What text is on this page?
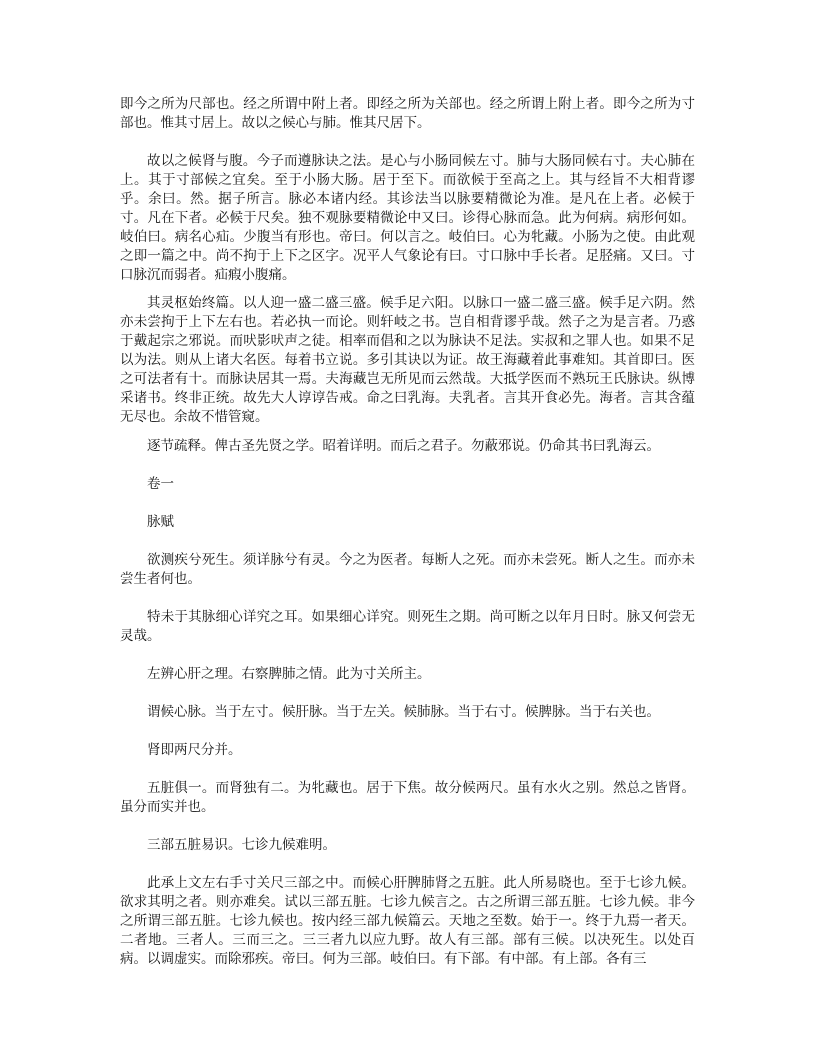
即今之所为尺部也。经之所谓中附上者。即经之所为关部也。经之所谓上附上者。即今之所为寸部也。惟其寸居上。故以之候心与肺。惟其尺居下。

故以之候肾与腹。今子而遵脉诀之法。是心与小肠同候左寸。肺与大肠同候右寸。夫心肺在上。其于寸部候之宜矣。至于小肠大肠。居于至下。而欲候于至高之上。其与经旨不大相背谬乎。余曰。然。据子所言。脉必本诸内经。其诊法当以脉要精微论为准。是凡在上者。必候于寸。凡在下者。必候于尺矣。独不观脉要精微论中又曰。诊得心脉而急。此为何病。病形何如。岐伯曰。病名心疝。少腹当有形也。帝曰。何以言之。岐伯曰。心为牝藏。小肠为之使。由此观之即一篇之中。尚不拘于上下之区字。况平人气象论有曰。寸口脉中手长者。足胫痛。又曰。寸口脉沉而弱者。疝瘕小腹痛。

其灵枢始终篇。以人迎一盛二盛三盛。候手足六阳。以脉口一盛二盛三盛。候手足六阴。然亦未尝拘于上下左右也。若必执一而论。则轩岐之书。岂自相背谬乎哉。然子之为是言者。乃惑于戴起宗之邪说。而吠影吠声之徒。相率而倡和之以为脉诀不足法。实叔和之罪人也。如果不足以为法。则从上诸大名医。每着书立说。多引其诀以为证。故王海藏着此事难知。其首即曰。医之可法者有十。而脉诀居其一焉。夫海藏岂无所见而云然哉。大抵学医而不熟玩王氏脉诀。纵博采诸书。终非正统。故先大人谆谆告戒。命之曰乳海。夫乳者。言其开食必先。海者。言其含蕴无尽也。余故不惜管窥。

逐节疏释。俾古圣先贤之学。昭着详明。而后之君子。勿蔽邪说。仍命其书曰乳海云。

卷一

脉赋

欲测疾兮死生。须详脉兮有灵。今之为医者。每断人之死。而亦未尝死。断人之生。而亦未尝生者何也。

特未于其脉细心详究之耳。如果细心详究。则死生之期。尚可断之以年月日时。脉又何尝无灵哉。

左辨心肝之理。右察脾肺之情。此为寸关所主。

谓候心脉。当于左寸。候肝脉。当于左关。候肺脉。当于右寸。候脾脉。当于右关也。

肾即两尺分并。

五脏俱一。而肾独有二。为牝藏也。居于下焦。故分候两尺。虽有水火之别。然总之皆肾。虽分而实并也。

三部五脏易识。七诊九候难明。

此承上文左右手寸关尺三部之中。而候心肝脾肺肾之五脏。此人所易晓也。至于七诊九候。欲求其明之者。则亦难矣。试以三部五脏。七诊九候言之。古之所谓三部五脏。七诊九候。非今之所谓三部五脏。七诊九候也。按内经三部九候篇云。天地之至数。始于一。终于九焉一者天。二者地。三者人。三而三之。三三者九以应九野。故人有三部。部有三候。以决死生。以处百病。以调虚实。而除邪疾。帝曰。何为三部。岐伯曰。有下部。有中部。有上部。各有三
